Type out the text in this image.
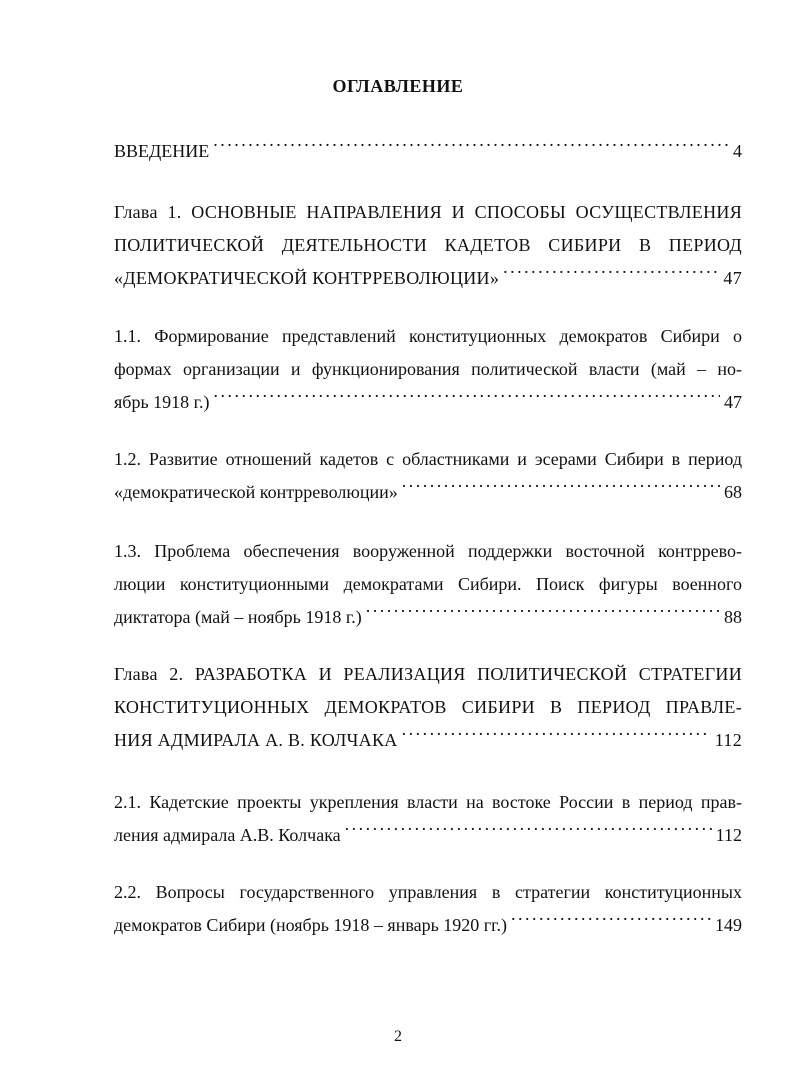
ОГЛАВЛЕНИЕ
ВВЕДЕНИЕ . . .	4

Глава 1. ОСНОВНЫЕ НАПРАВЛЕНИЯ И СПОСОБЫ ОСУЩЕСТВЛЕНИЯ

ПОЛИТИЧЕСКОЙ ДЕЯТЕЛЬНОСТИ КАДЕТОВ СИБИРИ В ПЕРИОД

«ДЕМОКРАТИЧЕСКОЙ КОНТРРЕВОЛЮЦИИ» . . .	47

1.1. Формирование представлений конституционных демократов Сибири о

формах организации и функционирования политической власти (май – но-

ябрь 1918 г.) . . .	47

1.2. Развитие отношений кадетов с областниками и эсерами Сибири в период

«демократической контрреволюции» . . .	68

1.3. Проблема обеспечения вооруженной поддержки восточной контррево-

люции конституционными демократами Сибири. Поиск фигуры военного

диктатора (май – ноябрь 1918 г.) . . .	88

Глава 2. РАЗРАБОТКА И РЕАЛИЗАЦИЯ ПОЛИТИЧЕСКОЙ СТРАТЕГИИ

КОНСТИТУЦИОННЫХ ДЕМОКРАТОВ СИБИРИ В ПЕРИОД ПРАВЛЕ-

НИЯ АДМИРАЛА А. В. КОЛЧАКА . . .	112

2.1. Кадетские проекты укрепления власти на востоке России в период прав-

ления адмирала А.В. Колчака . . .	112

2.2. Вопросы государственного управления в стратегии конституционных

демократов Сибири (ноябрь 1918 – январь 1920 гг.) . . .	149
2
